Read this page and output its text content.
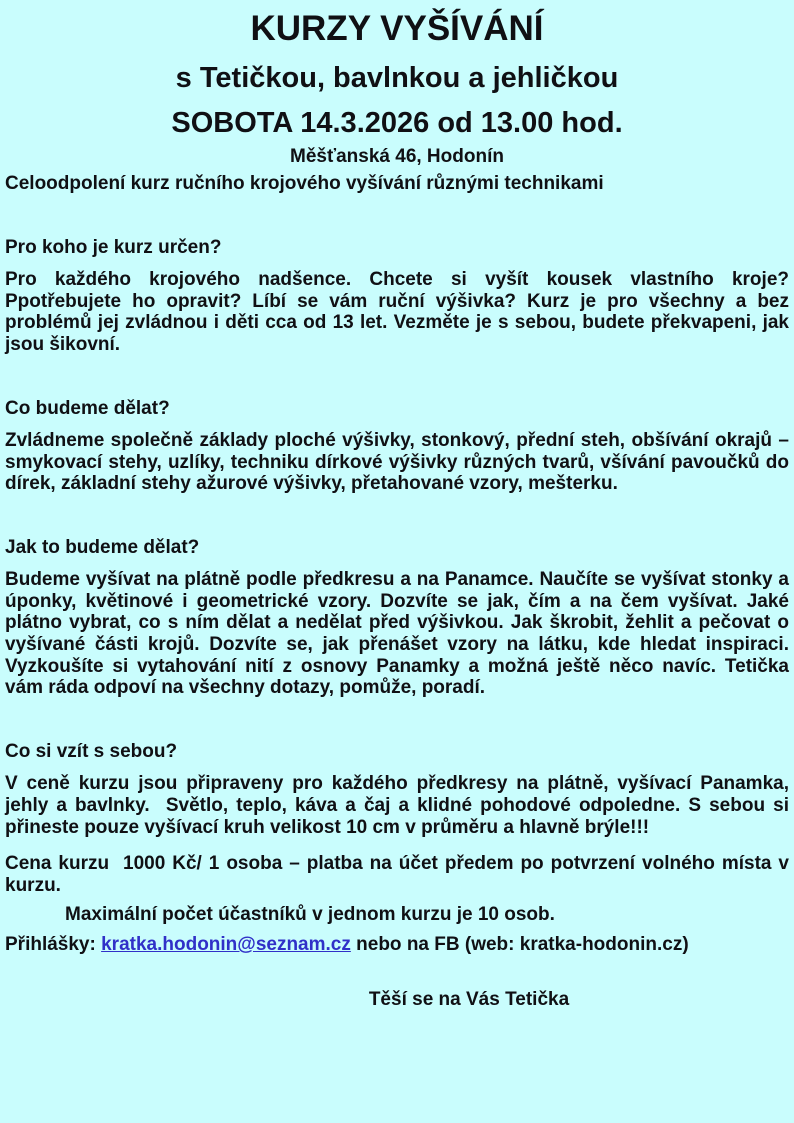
KURZY VYŠÍVÁNÍ
s Tetičkou, bavlnkou a jehličkou
SOBOTA 14.3.2026 od 13.00 hod.
Měšťanská 46, Hodonín

Celoodpolení kurz ručního krojového vyšívání různými technikami

Pro koho je kurz určen?

Pro každého krojového nadšence. Chcete si vyšít kousek vlastního kroje? Ppotřebujete ho opravit? Líbí se vám ruční výšivka? Kurz je pro všechny a bez problémů jej zvládnou i děti cca od 13 let. Vezměte je s sebou, budete překvapeni, jak jsou šikovní.

Co budeme dělat?

Zvládneme společně základy ploché výšivky, stonkový, přední steh, obšívání okrajů – smykovací stehy, uzlíky, techniku dírkové výšivky různých tvarů, všívání pavoučků do dírek, základní stehy ažurové výšivky, přetahované vzory, mešterku.

Jak to budeme dělat?

Budeme vyšívat na plátně podle předkresu a na Panamce. Naučíte se vyšívat stonky a úponky, květinové i geometrické vzory. Dozvíte se jak, čím a na čem vyšívat. Jaké plátno vybrat, co s ním dělat a nedělat před výšivkou. Jak škrobit, žehlit a pečovat o vyšívané části krojů. Dozvíte se, jak přenášet vzory na látku, kde hledat inspiraci. Vyzkoušíte si vytahování nití z osnovy Panamky a možná ještě něco navíc. Tetička vám ráda odpoví na všechny dotazy, pomůže, poradí.

Co si vzít s sebou?

V ceně kurzu jsou připraveny pro každého předkresy na plátně, vyšívací Panamka, jehly a bavlnky.  Světlo, teplo, káva a čaj a klidné pohodové odpoledne. S sebou si přineste pouze vyšívací kruh velikost 10 cm v průměru a hlavně brýle!!!

Cena kurzu  1000 Kč/ 1 osoba – platba na účet předem po potvrzení volného místa v kurzu.

Maximální počet účastníků v jednom kurzu je 10 osob.

Přihlášky: kratka.hodonin@seznam.cz nebo na FB (web: kratka-hodonin.cz)

Těší se na Vás Tetička
